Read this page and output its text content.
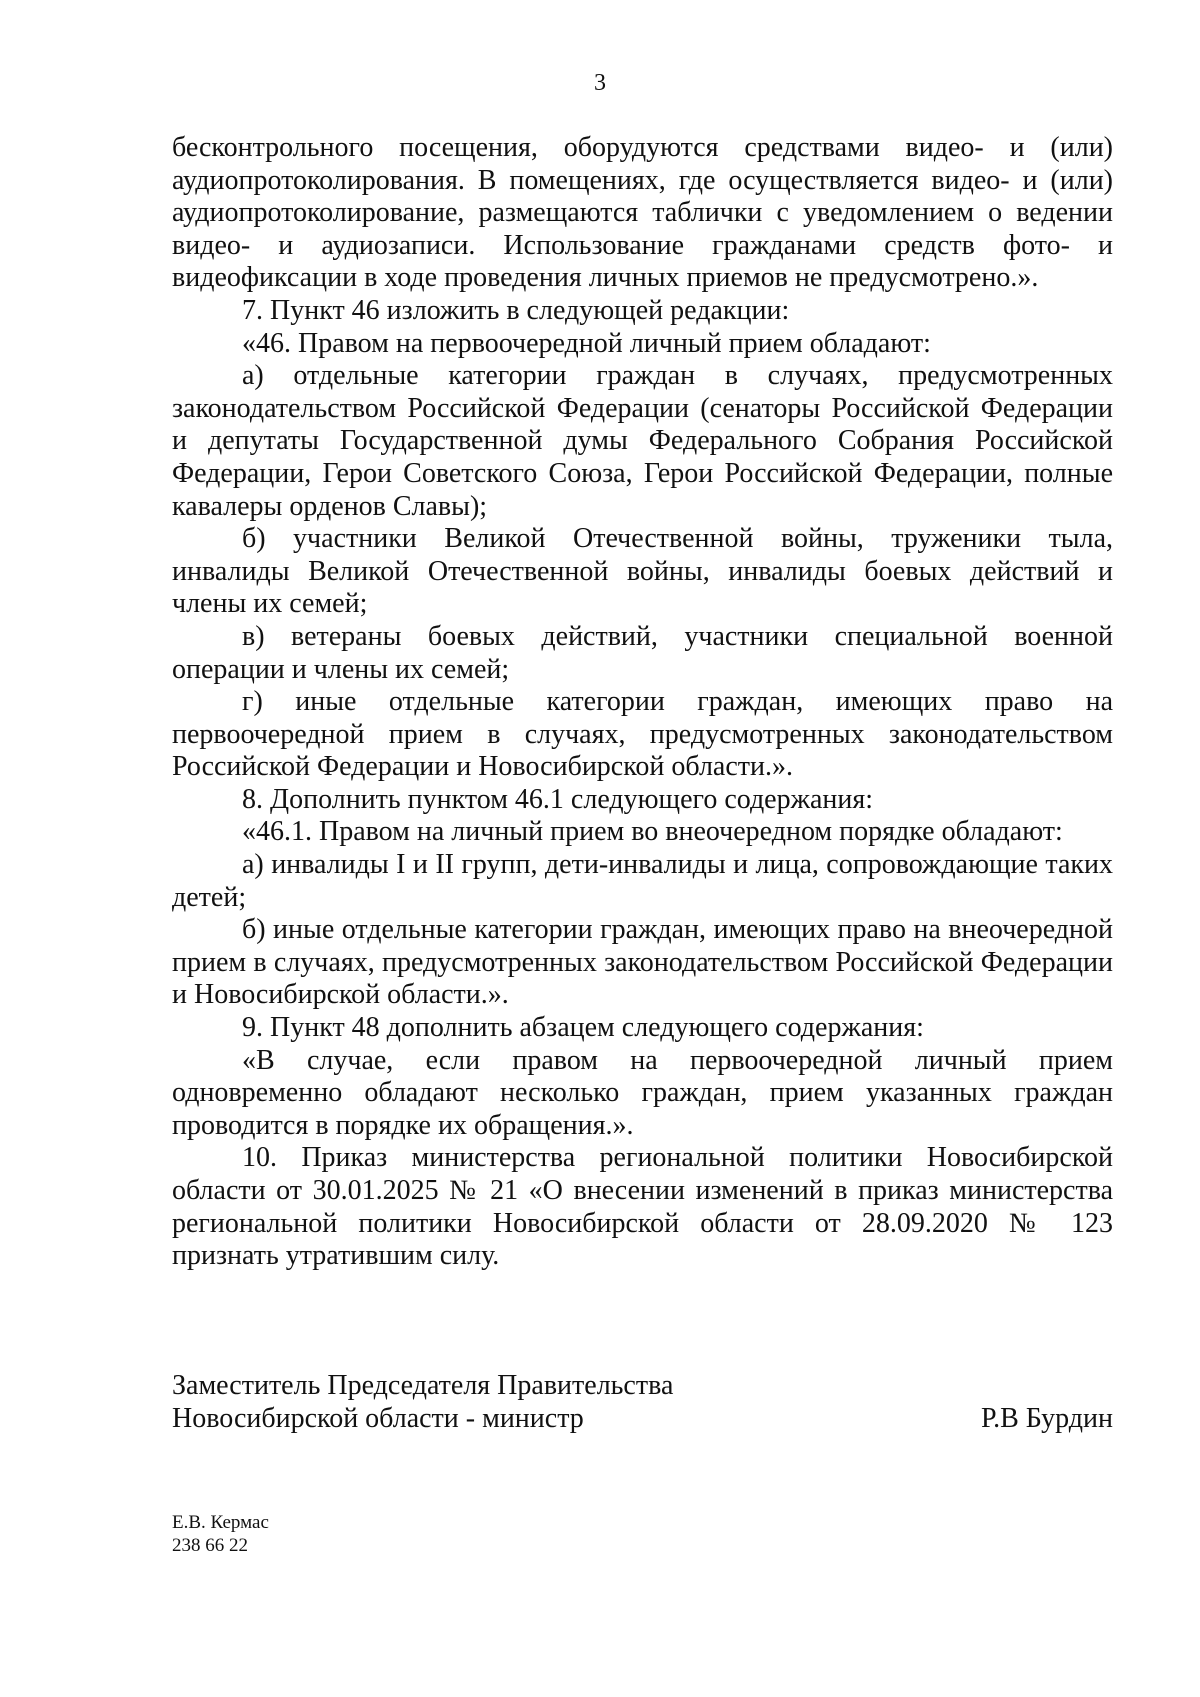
3

бесконтрольного посещения, оборудуются средствами видео- и (или) аудиопротоколирования. В помещениях, где осуществляется видео- и (или) аудиопротоколирование, размещаются таблички с уведомлением о ведении видео- и аудиозаписи. Использование гражданами средств фото- и видеофиксации в ходе проведения личных приемов не предусмотрено.».

7. Пункт 46 изложить в следующей редакции:

«46. Правом на первоочередной личный прием обладают:

а) отдельные категории граждан в случаях, предусмотренных законодательством Российской Федерации (сенаторы Российской Федерации и депутаты Государственной думы Федерального Собрания Российской Федерации, Герои Советского Союза, Герои Российской Федерации, полные кавалеры орденов Славы);

б) участники Великой Отечественной войны, труженики тыла, инвалиды Великой Отечественной войны, инвалиды боевых действий и члены их семей;

в) ветераны боевых действий, участники специальной военной операции и члены их семей;

г) иные отдельные категории граждан, имеющих право на первоочередной прием в случаях, предусмотренных законодательством Российской Федерации и Новосибирской области.».

8. Дополнить пунктом 46.1 следующего содержания:

«46.1. Правом на личный прием во внеочередном порядке обладают:

а) инвалиды I и II групп, дети-инвалиды и лица, сопровождающие таких детей;

б) иные отдельные категории граждан, имеющих право на внеочередной прием в случаях, предусмотренных законодательством Российской Федерации и Новосибирской области.».

9. Пункт 48 дополнить абзацем следующего содержания:

«В случае, если правом на первоочередной личный прием одновременно обладают несколько граждан, прием указанных граждан проводится в порядке их обращения.».

10. Приказ министерства региональной политики Новосибирской области от 30.01.2025 № 21 «О внесении изменений в приказ министерства региональной политики Новосибирской области от 28.09.2020 № 123 признать утратившим силу.

Заместитель Председателя Правительства
Новосибирской области - министр	Р.В Бурдин
Е.В. Кермас
238 66 22
